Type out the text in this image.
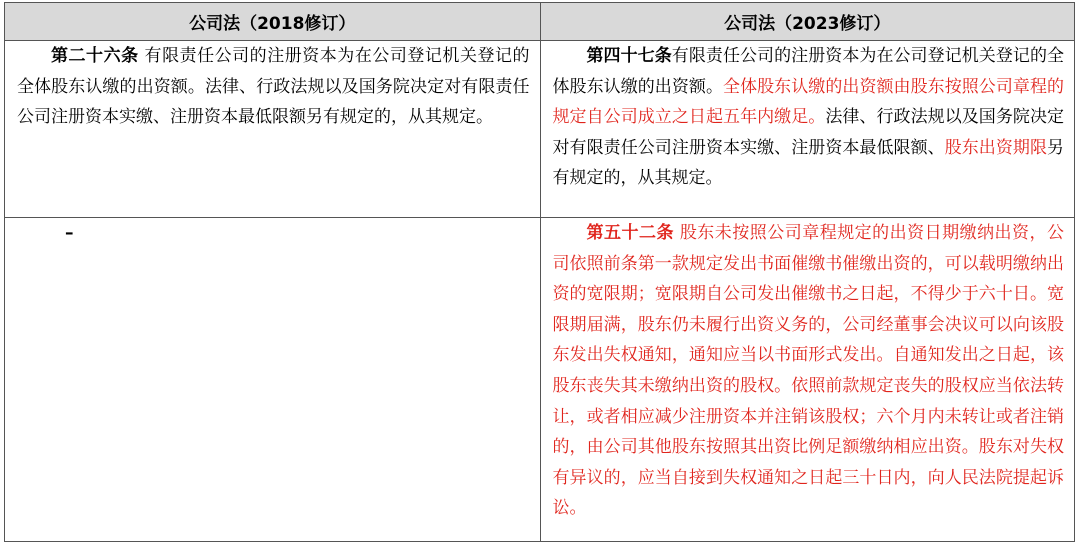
公司法（2018修订）	公司法（2023修订）

第二十六条 有限责任公司的注册资本为在公司登记机关登记的全体股东认缴的出资额。法律、行政法规以及国务院决定对有限责任公司注册资本实缴、注册资本最低限额另有规定的，从其规定。	第四十七条有限责任公司的注册资本为在公司登记机关登记的全体股东认缴的出资额。全体股东认缴的出资额由股东按照公司章程的规定自公司成立之日起五年内缴足。法律、行政法规以及国务院决定对有限责任公司注册资本实缴、注册资本最低限额、股东出资期限另有规定的，从其规定。

–	第五十二条 股东未按照公司章程规定的出资日期缴纳出资，公司依照前条第一款规定发出书面催缴书催缴出资的，可以载明缴纳出资的宽限期；宽限期自公司发出催缴书之日起，不得少于六十日。宽限期届满，股东仍未履行出资义务的，公司经董事会决议可以向该股东发出失权通知，通知应当以书面形式发出。自通知发出之日起，该股东丧失其未缴纳出资的股权。依照前款规定丧失的股权应当依法转让，或者相应减少注册资本并注销该股权；六个月内未转让或者注销的，由公司其他股东按照其出资比例足额缴纳相应出资。股东对失权有异议的，应当自接到失权通知之日起三十日内，向人民法院提起诉讼。
